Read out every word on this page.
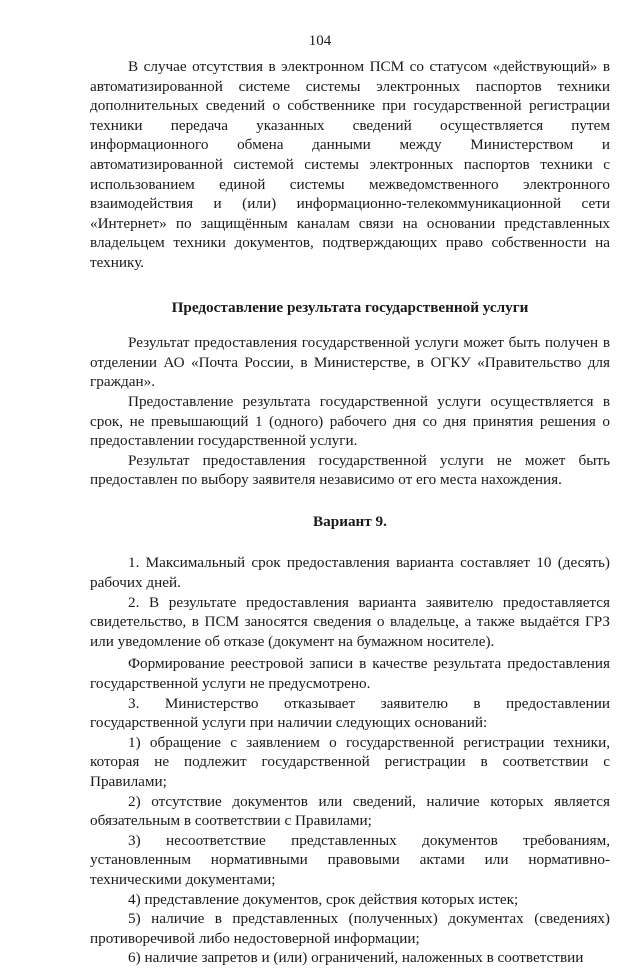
104

В случае отсутствия в электронном ПСМ со статусом «действующий» в автоматизированной системе системы электронных паспортов техники дополнительных сведений о собственнике при государственной регистрации техники передача указанных сведений осуществляется путем информационного обмена данными между Министерством и автоматизированной системой системы электронных паспортов техники с использованием единой системы межведомственного электронного взаимодействия и (или) информационно-телекоммуникационной сети «Интернет» по защищённым каналам связи на основании представленных владельцем техники документов, подтверждающих право собственности на технику.

Предоставление результата государственной услуги

Результат предоставления государственной услуги может быть получен в отделении АО «Почта России, в Министерстве, в ОГКУ «Правительство для граждан».

Предоставление результата государственной услуги осуществляется в срок, не превышающий 1 (одного) рабочего дня со дня принятия решения о предоставлении государственной услуги.

Результат предоставления государственной услуги не может быть предоставлен по выбору заявителя независимо от его места нахождения.

Вариант 9.

1. Максимальный срок предоставления варианта составляет 10 (десять) рабочих дней.

2. В результате предоставления варианта заявителю предоставляется свидетельство, в ПСМ заносятся сведения о владельце, а также выдаётся ГРЗ или уведомление об отказе (документ на бумажном носителе).

Формирование реестровой записи в качестве результата предоставления государственной услуги не предусмотрено.

3. Министерство отказывает заявителю в предоставлении государственной услуги при наличии следующих оснований:

1) обращение с заявлением о государственной регистрации техники, которая не подлежит государственной регистрации в соответствии с Правилами;

2) отсутствие документов или сведений, наличие которых является обязательным в соответствии с Правилами;

3) несоответствие представленных документов требованиям, установленным нормативными правовыми актами или нормативно-техническими документами;

4) представление документов, срок действия которых истек;

5) наличие в представленных (полученных) документах (сведениях) противоречивой либо недостоверной информации;

6) наличие запретов и (или) ограничений, наложенных в соответствии
